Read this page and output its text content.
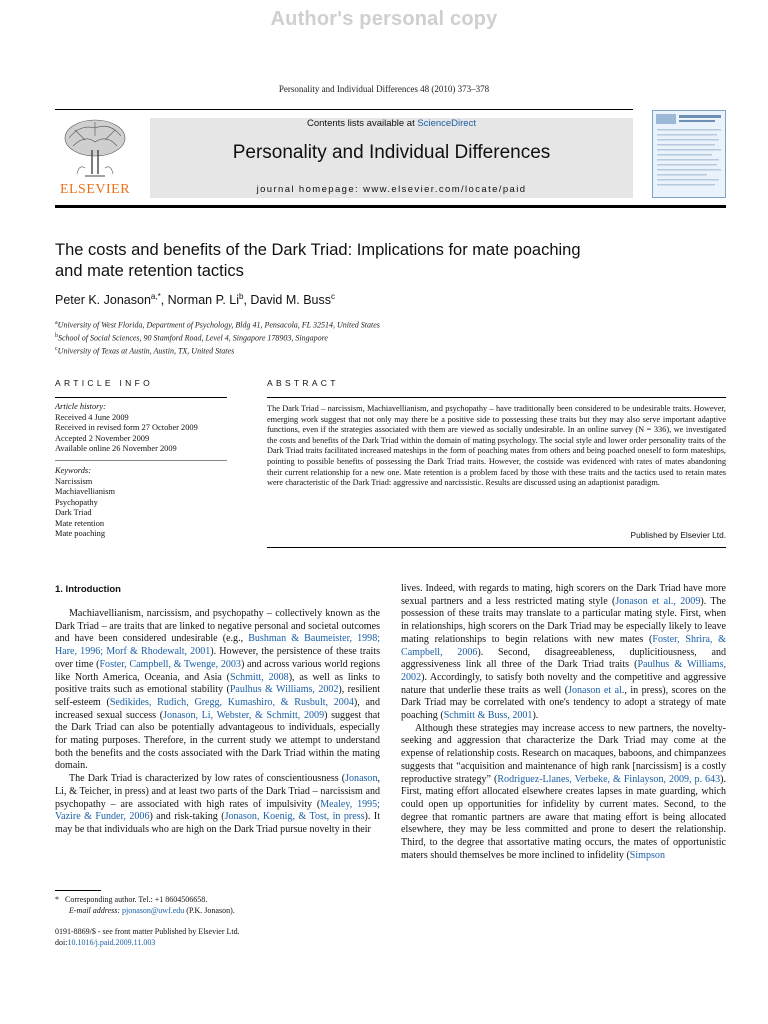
Author's personal copy
Personality and Individual Differences 48 (2010) 373–378
ELSEVIER
Contents lists available at ScienceDirect
Personality and Individual Differences
journal homepage: www.elsevier.com/locate/paid
The costs and benefits of the Dark Triad: Implications for mate poaching
and mate retention tactics
Peter K. Jonason$^{a,*}$, Norman P. Li$^b$, David M. Buss$^c$
$^a$University of West Florida, Department of Psychology, Bldg 41, Pensacola, FL 32514, United States
$^b$School of Social Sciences, 90 Stamford Road, Level 4, Singapore 178903, Singapore
$^c$University of Texas at Austin, Austin, TX, United States
ARTICLE INFO
Article history:
Received 4 June 2009
Received in revised form 27 October 2009
Accepted 2 November 2009
Available online 26 November 2009
Keywords:
Narcissism
Machiavellianism
Psychopathy
Dark Triad
Mate retention
Mate poaching
ABSTRACT
The Dark Triad – narcissism, Machiavellianism, and psychopathy – have traditionally been considered to be undesirable traits. However, emerging work suggest that not only may there be a positive side to possessing these traits but they may also serve important adaptive functions, even if the strategies associated with them are viewed as socially undesirable. In an online survey (N = 336), we investigated the costs and benefits of the Dark Triad within the domain of mating psychology. The social style and lower order personality traits of the Dark Triad traits facilitated increased mateships in the form of poaching mates from others and being poached oneself to form mateships, pointing to possible benefits of possessing the Dark Triad traits. However, the costside was evidenced with rates of mates abandoning their current relationship for a new one. Mate retention is a problem faced by those with these traits and the tactics used to retain mates were characteristic of the Dark Triad: aggressive and narcissistic. Results are discussed using an adaptionist paradigm.
Published by Elsevier Ltd.
1. Introduction

Machiavellianism, narcissism, and psychopathy – collectively known as the Dark Triad – are traits that are linked to negative personal and societal outcomes and have been considered undesirable (e.g., Bushman & Baumeister, 1998; Hare, 1996; Morf & Rhodewalt, 2001). However, the persistence of these traits over time (Foster, Campbell, & Twenge, 2003) and across various world regions like North America, Oceania, and Asia (Schmitt, 2008), as well as links to positive traits such as emotional stability (Paulhus & Williams, 2002), resilient self-esteem (Sedikides, Rudich, Gregg, Kumashiro, & Rusbult, 2004), and increased sexual success (Jonason, Li, Webster, & Schmitt, 2009) suggest that the Dark Triad can also be potentially advantageous to individuals, especially for mating purposes. Therefore, in the current study we attempt to understand both the benefits and the costs associated with the Dark Triad within the mating domain.

The Dark Triad is characterized by low rates of conscientiousness (Jonason, Li, & Teicher, in press) and at least two parts of the Dark Triad – narcissism and psychopathy – are associated with high rates of impulsivity (Mealey, 1995; Vazire & Funder, 2006) and risk-taking (Jonason, Koenig, & Tost, in press). It may be that individuals who are high on the Dark Triad pursue novelty in their

lives. Indeed, with regards to mating, high scorers on the Dark Triad have more sexual partners and a less restricted mating style (Jonason et al., 2009). The possession of these traits may translate to a particular mating style. First, when in relationships, high scorers on the Dark Triad may be especially likely to leave mating relationships to begin relations with new mates (Foster, Shrira, & Campbell, 2006). Second, disagreeableness, duplicitiousness, and aggressiveness link all three of the Dark Triad traits (Paulhus & Williams, 2002). Accordingly, to satisfy both novelty and the competitive and aggressive nature that underlie these traits as well (Jonason et al., in press), scores on the Dark Triad may be correlated with one's tendency to adopt a strategy of mate poaching (Schmitt & Buss, 2001).

Although these strategies may increase access to new partners, the novelty-seeking and aggression that characterize the Dark Triad may come at the expense of relationship costs. Research on macaques, baboons, and chimpanzees suggests that “acquisition and maintenance of high rank [narcissism] is a costly reproductive strategy” (Rodriguez-Llanes, Verbeke, & Finlayson, 2009, p. 643). First, mating effort allocated elsewhere creates lapses in mate guarding, which could open up opportunities for infidelity by current mates. Second, to the degree that romantic partners are aware that mating effort is being allocated elsewhere, they may be less committed and prone to desert the relationship. Third, to the degree that assortative mating occurs, the mates of opportunistic maters should themselves be more inclined to infidelity (Simpson

* Corresponding author. Tel.: +1 8604506658.
E-mail address: pjonason@uwf.edu (P.K. Jonason).
0191-8869/$ - see front matter Published by Elsevier Ltd.
doi:10.1016/j.paid.2009.11.003
